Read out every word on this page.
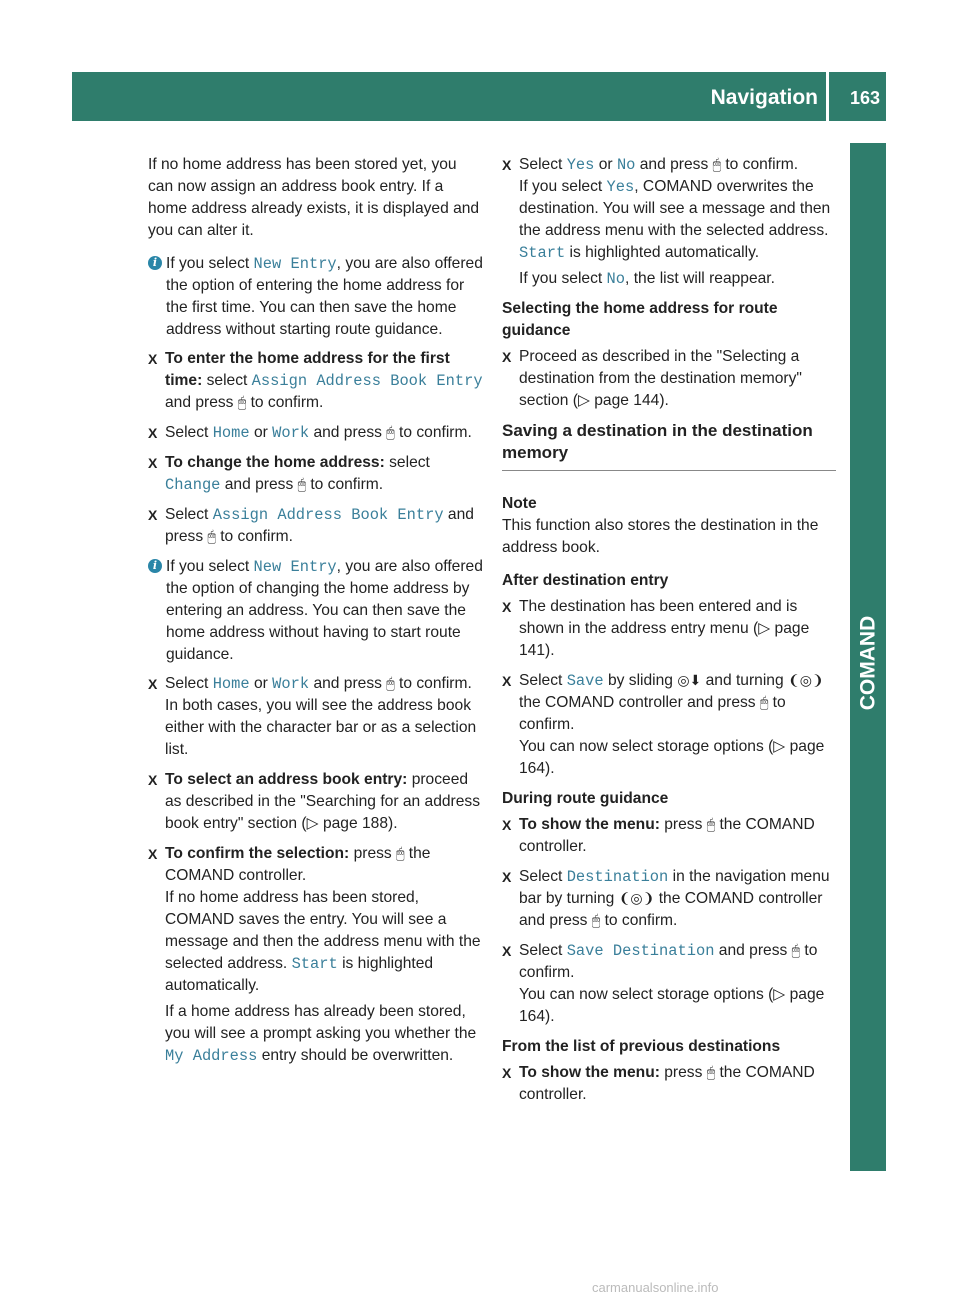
Navigation 163
COMAND

If no home address has been stored yet, you can now assign an address book entry. If a home address already exists, it is displayed and you can alter it.

i If you select New Entry, you are also offered the option of entering the home address for the first time. You can then save the home address without starting route guidance.
X To enter the home address for the first time: select Assign Address Book Entry and press 🖱 to confirm.
X Select Home or Work and press 🖱 to confirm.
X To change the home address: select Change and press 🖱 to confirm.
X Select Assign Address Book Entry and press 🖱 to confirm.
i If you select New Entry, you are also offered the option of changing the home address by entering an address. You can then save the home address without having to start route guidance.
X Select Home or Work and press 🖱 to confirm.
In both cases, you will see the address book either with the character bar or as a selection list.
X To select an address book entry: proceed as described in the "Searching for an address book entry" section (▷ page 188).
X To confirm the selection: press 🖱 the COMAND controller.
If no home address has been stored, COMAND saves the entry. You will see a message and then the address menu with the selected address. Start is highlighted automatically.

If a home address has already been stored, you will see a prompt asking you whether the My Address entry should be overwritten.

X Select Yes or No and press 🖱 to confirm.
If you select Yes, COMAND overwrites the destination. You will see a message and then the address menu with the selected address. Start is highlighted automatically.

If you select No, the list will reappear.

Selecting the home address for route guidance

X Proceed as described in the "Selecting a destination from the destination memory" section (▷ page 144).

Saving a destination in the destination memory

Note

This function also stores the destination in the address book.

After destination entry

X The destination has been entered and is shown in the address entry menu (▷ page 141).
X Select Save by sliding ◎⬇ and turning ❨◎❩ the COMAND controller and press 🖱 to confirm.
You can now select storage options (▷ page 164).

During route guidance

X To show the menu: press 🖱 the COMAND controller.
X Select Destination in the navigation menu bar by turning ❨◎❩ the COMAND controller and press 🖱 to confirm.
X Select Save Destination and press 🖱 to confirm.
You can now select storage options (▷ page 164).

From the list of previous destinations

X To show the menu: press 🖱 the COMAND controller.
carmanualsonline.info
